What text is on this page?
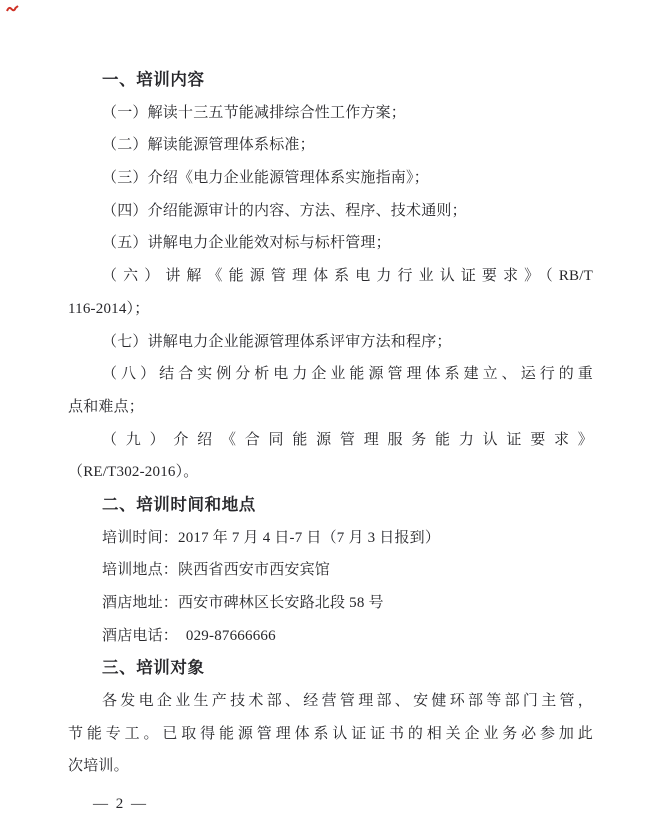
一、培训内容
（一）解读十三五节能减排综合性工作方案；
（二）解读能源管理体系标准；
（三）介绍《电力企业能源管理体系实施指南》；
（四）介绍能源审计的内容、方法、程序、技术通则；
（五）讲解电力企业能效对标与标杆管理；
（六）讲解《能源管理体系电力行业认证要求》（RB/T
116-2014）；
（七）讲解电力企业能源管理体系评审方法和程序；
（八）结合实例分析电力企业能源管理体系建立、运行的重
点和难点；
（九）介绍《合同能源管理服务能力认证要求》
（RE/T302-2016）。
二、培训时间和地点
培训时间：2017 年 7 月 4 日-7 日（7 月 3 日报到）
培训地点：陕西省西安市西安宾馆
酒店地址：西安市碑林区长安路北段 58 号
酒店电话：  029-87666666
三、培训对象
各发电企业生产技术部、经营管理部、安健环部等部门主管，
节能专工。已取得能源管理体系认证证书的相关企业务必参加此
次培训。
— 2 —
